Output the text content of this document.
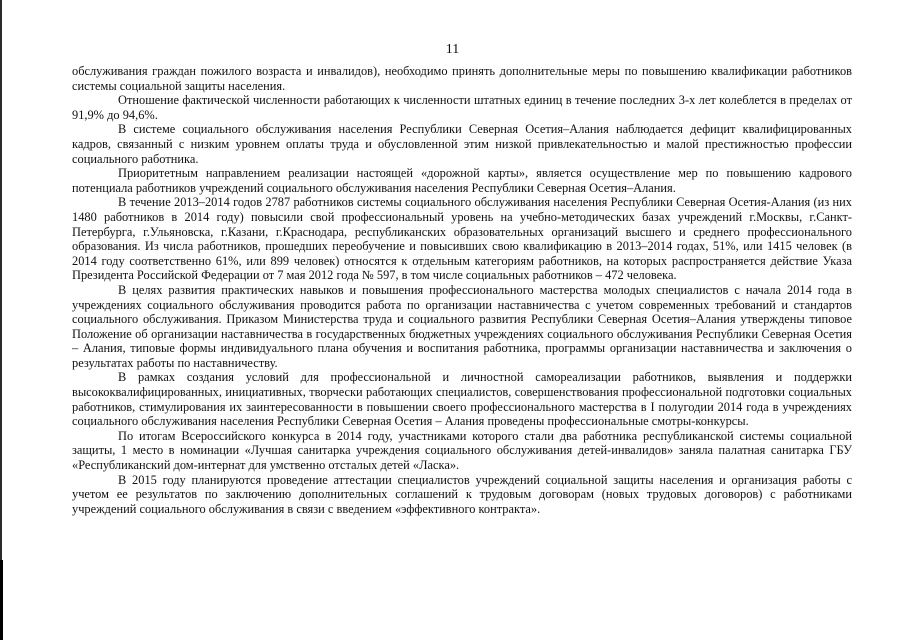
11

обслуживания граждан пожилого возраста и инвалидов), необходимо принять дополнительные меры по повышению квалификации работников системы социальной защиты населения.

Отношение фактической численности работающих к численности штатных единиц в течение последних 3-х лет колеблется в пределах от 91,9% до 94,6%.

В системе социального обслуживания населения Республики Северная Осетия–Алания наблюдается дефицит квалифицированных кадров, связанный с низким уровнем оплаты труда и обусловленной этим низкой привлекательностью и малой престижностью профессии социального работника.

Приоритетным направлением реализации настоящей «дорожной карты», является осуществление мер по повышению кадрового потенциала работников учреждений социального обслуживания населения Республики Северная Осетия–Алания.

В течение 2013–2014 годов 2787 работников системы социального обслуживания населения Республики Северная Осетия-Алания (из них 1480 работников в 2014 году) повысили свой профессиональный уровень на учебно-методических базах учреждений г.Москвы, г.Санкт-Петербурга, г.Ульяновска, г.Казани, г.Краснодара, республиканских образовательных организаций высшего и среднего профессионального образования. Из числа работников, прошедших переобучение и повысивших свою квалификацию в 2013–2014 годах, 51%, или 1415 человек (в 2014 году соответственно 61%, или 899 человек) относятся к отдельным категориям работников, на которых распространяется действие Указа Президента Российской Федерации от 7 мая 2012 года № 597, в том числе социальных работников – 472 человека.

В целях развития практических навыков и повышения профессионального мастерства молодых специалистов с начала 2014 года в учреждениях социального обслуживания проводится работа по организации наставничества с учетом современных требований и стандартов социального обслуживания. Приказом Министерства труда и социального развития Республики Северная Осетия–Алания утверждены типовое Положение об организации наставничества в государственных бюджетных учреждениях социального обслуживания Республики Северная Осетия – Алания, типовые формы индивидуального плана обучения и воспитания работника, программы организации наставничества и заключения о результатах работы по наставничеству.

В рамках создания условий для профессиональной и личностной самореализации работников, выявления и поддержки высококвалифицированных, инициативных, творчески работающих специалистов, совершенствования профессиональной подготовки социальных работников, стимулирования их заинтересованности в повышении своего профессионального мастерства в I полугодии 2014 года в учреждениях социального обслуживания населения Республики Северная Осетия – Алания проведены профессиональные смотры-конкурсы.

По итогам Всероссийского конкурса в 2014 году, участниками которого стали два работника республиканской системы социальной защиты, 1 место в номинации «Лучшая санитарка учреждения социального обслуживания детей-инвалидов» заняла палатная санитарка ГБУ «Республиканский дом-интернат для умственно отсталых детей «Ласка».

В 2015 году планируются проведение аттестации специалистов учреждений социальной защиты населения и организация работы с учетом ее результатов по заключению дополнительных соглашений к трудовым договорам (новых трудовых договоров) с работниками учреждений социального обслуживания в связи с введением «эффективного контракта».
